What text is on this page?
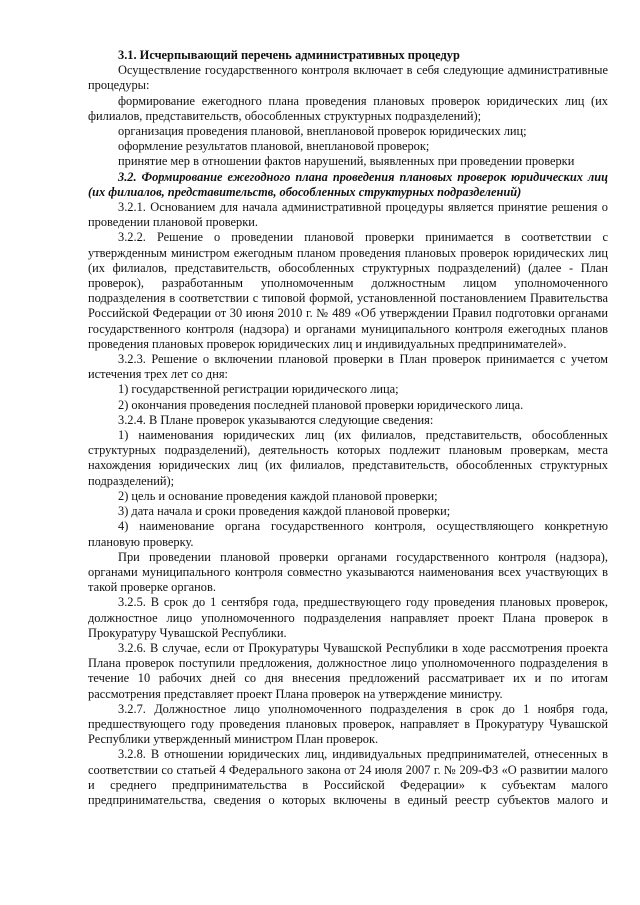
3.1. Исчерпывающий перечень административных процедур

Осуществление государственного контроля включает в себя следующие административные процедуры:

формирование ежегодного плана проведения плановых проверок юридических лиц (их филиалов, представительств, обособленных структурных подразделений);

организация проведения плановой, внеплановой проверок юридических лиц;

оформление результатов плановой, внеплановой проверок;

принятие мер в отношении фактов нарушений, выявленных при проведении проверки

3.2. Формирование ежегодного плана проведения плановых проверок юридических лиц (их филиалов, представительств, обособленных структурных подразделений)

3.2.1. Основанием для начала административной процедуры является принятие решения о проведении плановой проверки.

3.2.2. Решение о проведении плановой проверки принимается в соответствии с утвержденным министром ежегодным планом проведения плановых проверок юридических лиц (их филиалов, представительств, обособленных структурных подразделений) (далее - План проверок), разработанным уполномоченным должностным лицом уполномоченного подразделения в соответствии с типовой формой, установленной постановлением Правительства Российской Федерации от 30 июня 2010 г. № 489 «Об утверждении Правил подготовки органами государственного контроля (надзора) и органами муниципального контроля ежегодных планов проведения плановых проверок юридических лиц и индивидуальных предпринимателей».

3.2.3. Решение о включении плановой проверки в План проверок принимается с учетом истечения трех лет со дня:

1) государственной регистрации юридического лица;

2) окончания проведения последней плановой проверки юридического лица.

3.2.4. В Плане проверок указываются следующие сведения:

1) наименования юридических лиц (их филиалов, представительств, обособленных структурных подразделений), деятельность которых подлежит плановым проверкам, места нахождения юридических лиц (их филиалов, представительств, обособленных структурных подразделений);

2) цель и основание проведения каждой плановой проверки;

3) дата начала и сроки проведения каждой плановой проверки;

4) наименование органа государственного контроля, осуществляющего конкретную плановую проверку.

При проведении плановой проверки органами государственного контроля (надзора), органами муниципального контроля совместно указываются наименования всех участвующих в такой проверке органов.

3.2.5. В срок до 1 сентября года, предшествующего году проведения плановых проверок, должностное лицо уполномоченного подразделения направляет проект Плана проверок в Прокуратуру Чувашской Республики.

3.2.6. В случае, если от Прокуратуры Чувашской Республики в ходе рассмотрения проекта Плана проверок поступили предложения, должностное лицо уполномоченного подразделения в течение 10 рабочих дней со дня внесения предложений рассматривает их и по итогам рассмотрения представляет проект Плана проверок на утверждение министру.

3.2.7. Должностное лицо уполномоченного подразделения в срок до 1 ноября года, предшествующего году проведения плановых проверок, направляет в Прокуратуру Чувашской Республики утвержденный министром План проверок.

3.2.8. В отношении юридических лиц, индивидуальных предпринимателей, отнесенных в соответствии со статьей 4 Федерального закона от 24 июля 2007 г. № 209-ФЗ «О развитии малого и среднего предпринимательства в Российской Федерации» к субъектам малого предпринимательства, сведения о которых включены в единый реестр субъектов малого и
